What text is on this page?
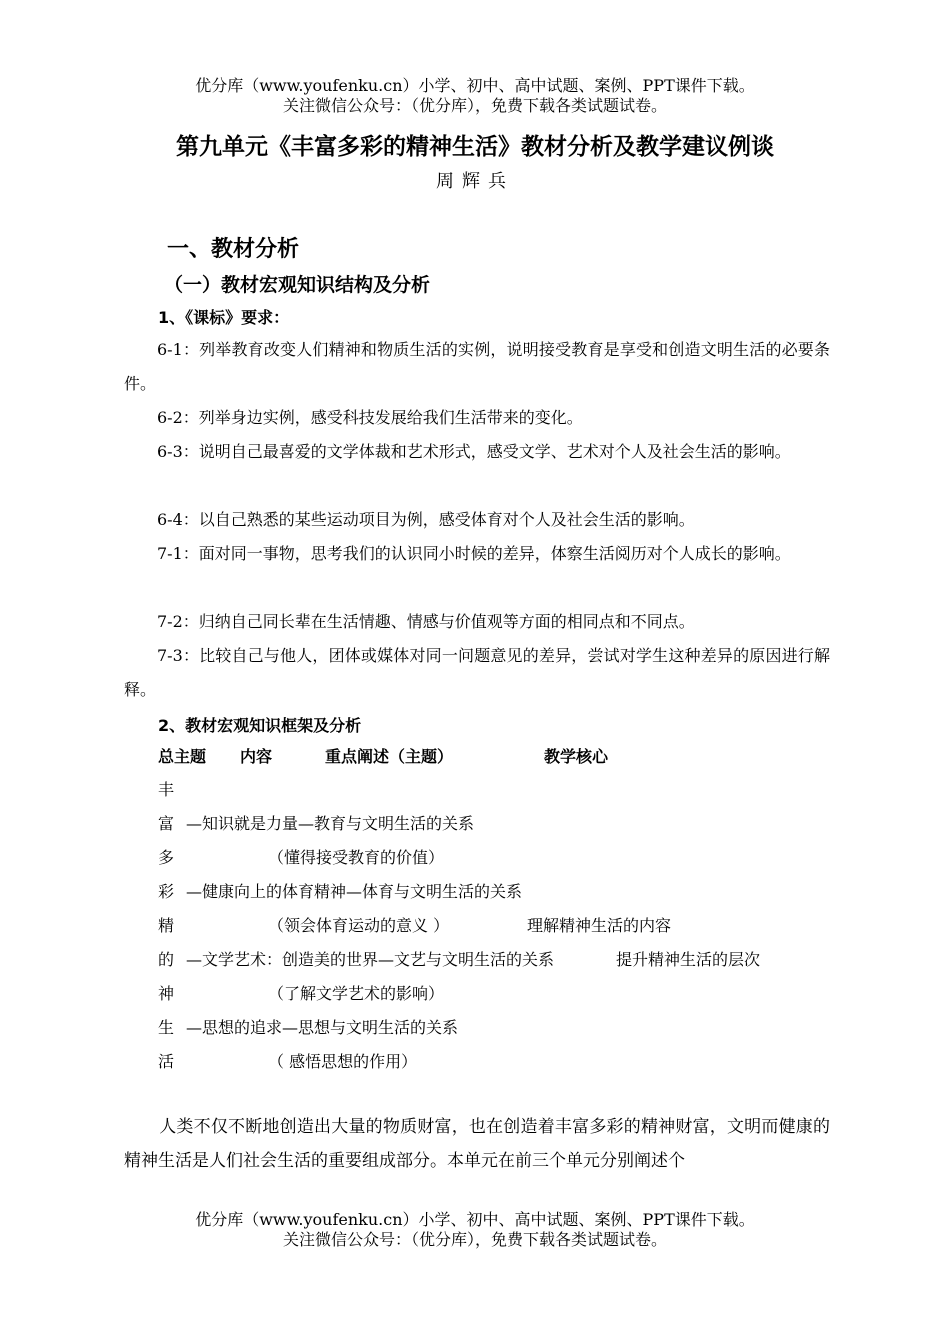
优分库（www.youfenku.cn）小学、初中、高中试题、案例、PPT课件下载。
关注微信公众号：（优分库），免费下载各类试题试卷。
第九单元《丰富多彩的精神生活》教材分析及教学建议例谈
周辉兵
一、教材分析
（一）教材宏观知识结构及分析
1、《课标》要求：
6-1：列举教育改变人们精神和物质生活的实例，说明接受教育是享受和创造文明生活的必要条件。
6-2：列举身边实例，感受科技发展给我们生活带来的变化。
6-3：说明自己最喜爱的文学体裁和艺术形式，感受文学、艺术对个人及社会生活的影响。
6-4：以自己熟悉的某些运动项目为例，感受体育对个人及社会生活的影响。
7-1：面对同一事物，思考我们的认识同小时候的差异，体察生活阅历对个人成长的影响。
7-2：归纳自己同长辈在生活情趣、情感与价值观等方面的相同点和不同点。
7-3：比较自己与他人，团体或媒体对同一问题意见的差异，尝试对学生这种差异的原因进行解释。
2、教材宏观知识框架及分析
总主题 内容	重点阐述（主题）	教学核心
丰
富 —知识就是力量—教育与文明生活的关系
多	（懂得接受教育的价值）
彩 —健康向上的体育精神—体育与文明生活的关系
精	（领会体育运动的意义 ）	理解精神生活的内容
的 —文学艺术：创造美的世界—文艺与文明生活的关系	提升精神生活的层次
神	（了解文学艺术的影响）
生 —思想的追求—思想与文明生活的关系
活	（ 感悟思想的作用）
人类不仅不断地创造出大量的物质财富，也在创造着丰富多彩的精神财富，文明而健康的精神生活是人们社会生活的重要组成部分。本单元在前三个单元分别阐述个
优分库（www.youfenku.cn）小学、初中、高中试题、案例、PPT课件下载。
关注微信公众号：（优分库），免费下载各类试题试卷。
